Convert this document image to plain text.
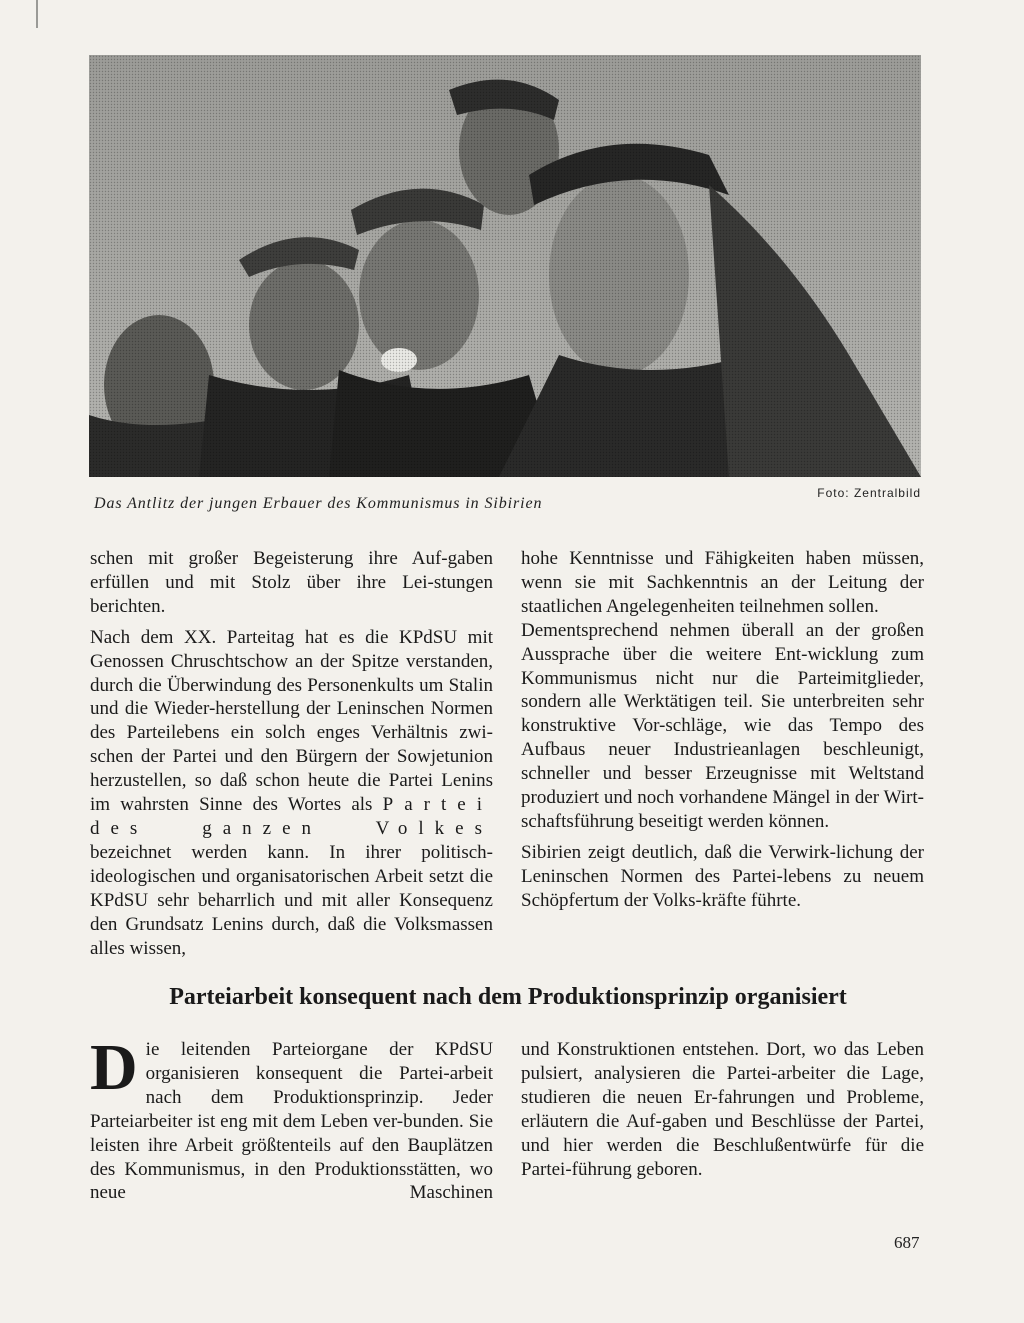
Das Antlitz der jungen Erbauer des Kommunismus in Sibirien
Foto: Zentralbild

schen mit großer Begeisterung ihre Auf-gaben erfüllen und mit Stolz über ihre Lei-stungen berichten.

Nach dem XX. Parteitag hat es die KPdSU mit Genossen Chruschtschow an der Spitze verstanden, durch die Überwindung des Personenkults um Stalin und die Wieder-herstellung der Leninschen Normen des Parteilebens ein solch enges Verhältnis zwi-schen der Partei und den Bürgern der Sowjetunion herzustellen, so daß schon heute die Partei Lenins im wahrsten Sinne des Wortes als Partei des ganzen Volkes bezeichnet werden kann. In ihrer politisch-ideologischen und organisatorischen Arbeit setzt die KPdSU sehr beharrlich und mit aller Konsequenz den Grundsatz Lenins durch, daß die Volksmassen alles wissen,

hohe Kenntnisse und Fähigkeiten haben müssen, wenn sie mit Sachkenntnis an der Leitung der staatlichen Angelegenheiten teilnehmen sollen.

Dementsprechend nehmen überall an der großen Aussprache über die weitere Ent-wicklung zum Kommunismus nicht nur die Parteimitglieder, sondern alle Werktätigen teil. Sie unterbreiten sehr konstruktive Vor-schläge, wie das Tempo des Aufbaus neuer Industrieanlagen beschleunigt, schneller und besser Erzeugnisse mit Weltstand produziert und noch vorhandene Mängel in der Wirt-schaftsführung beseitigt werden können.

Sibirien zeigt deutlich, daß die Verwirk-lichung der Leninschen Normen des Partei-lebens zu neuem Schöpfertum der Volks-kräfte führte.

Parteiarbeit konsequent nach dem Produktionsprinzip organisiert

Die leitenden Parteiorgane der KPdSU organisieren konsequent die Partei-arbeit nach dem Produktionsprinzip. Jeder Parteiarbeiter ist eng mit dem Leben ver-bunden. Sie leisten ihre Arbeit größtenteils auf den Bauplätzen des Kommunismus, in den Produktionsstätten, wo neue Maschinen

und Konstruktionen entstehen. Dort, wo das Leben pulsiert, analysieren die Partei-arbeiter die Lage, studieren die neuen Er-fahrungen und Probleme, erläutern die Auf-gaben und Beschlüsse der Partei, und hier werden die Beschlußentwürfe für die Partei-führung geboren.

687
